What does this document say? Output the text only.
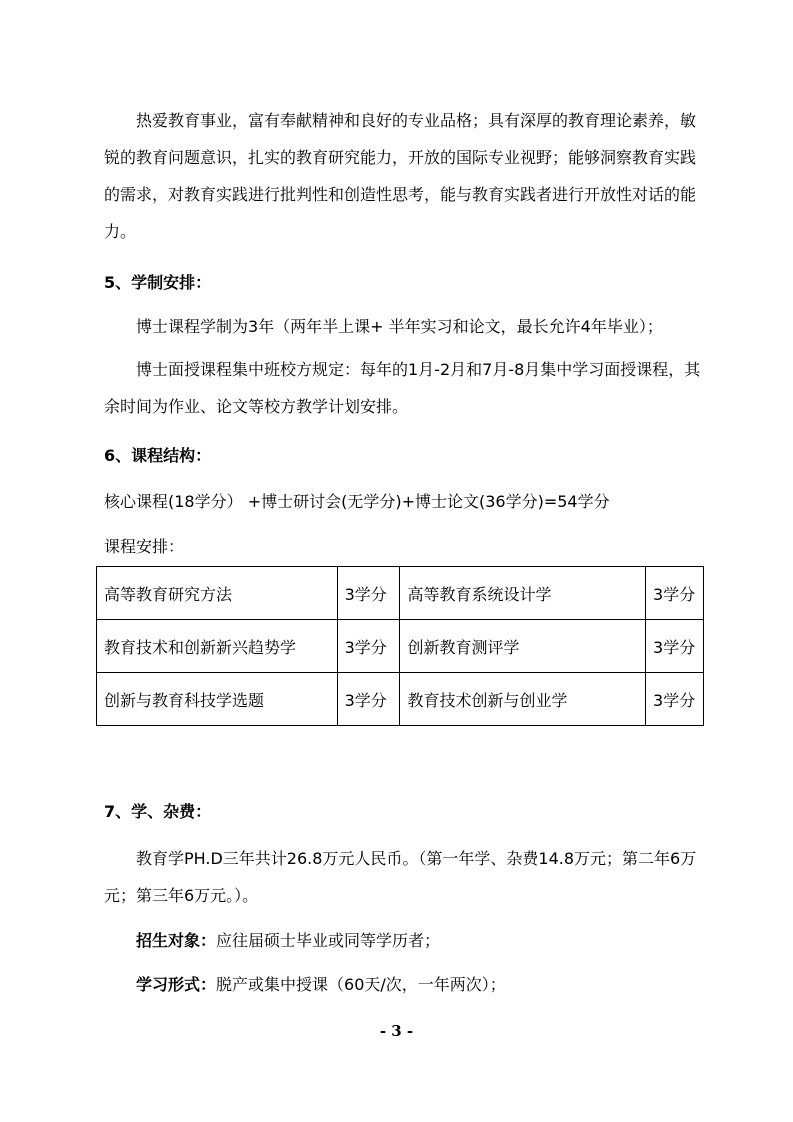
热爱教育事业，富有奉献精神和良好的专业品格；具有深厚的教育理论素养，敏锐的教育问题意识，扎实的教育研究能力，开放的国际专业视野；能够洞察教育实践的需求，对教育实践进行批判性和创造性思考，能与教育实践者进行开放性对话的能力。

5、学制安排：

博士课程学制为3年（两年半上课+ 半年实习和论文，最长允许4年毕业）；

博士面授课程集中班校方规定：每年的1月-2月和7月-8月集中学习面授课程，其余时间为作业、论文等校方教学计划安排。

6、课程结构：

核心课程(18学分） +博士研讨会(无学分)+博士论文(36学分)=54学分

课程安排：

高等教育研究方法	3学分	高等教育系统设计学	3学分
教育技术和创新新兴趋势学	3学分	创新教育测评学	3学分
创新与教育科技学选题	3学分	教育技术创新与创业学	3学分

7、学、杂费：

教育学PH.D三年共计26.8万元人民币。（第一年学、杂费14.8万元；第二年6万元；第三年6万元。）。

招生对象：应往届硕士毕业或同等学历者；

学习形式：脱产或集中授课（60天/次，一年两次）；

- 3 -
